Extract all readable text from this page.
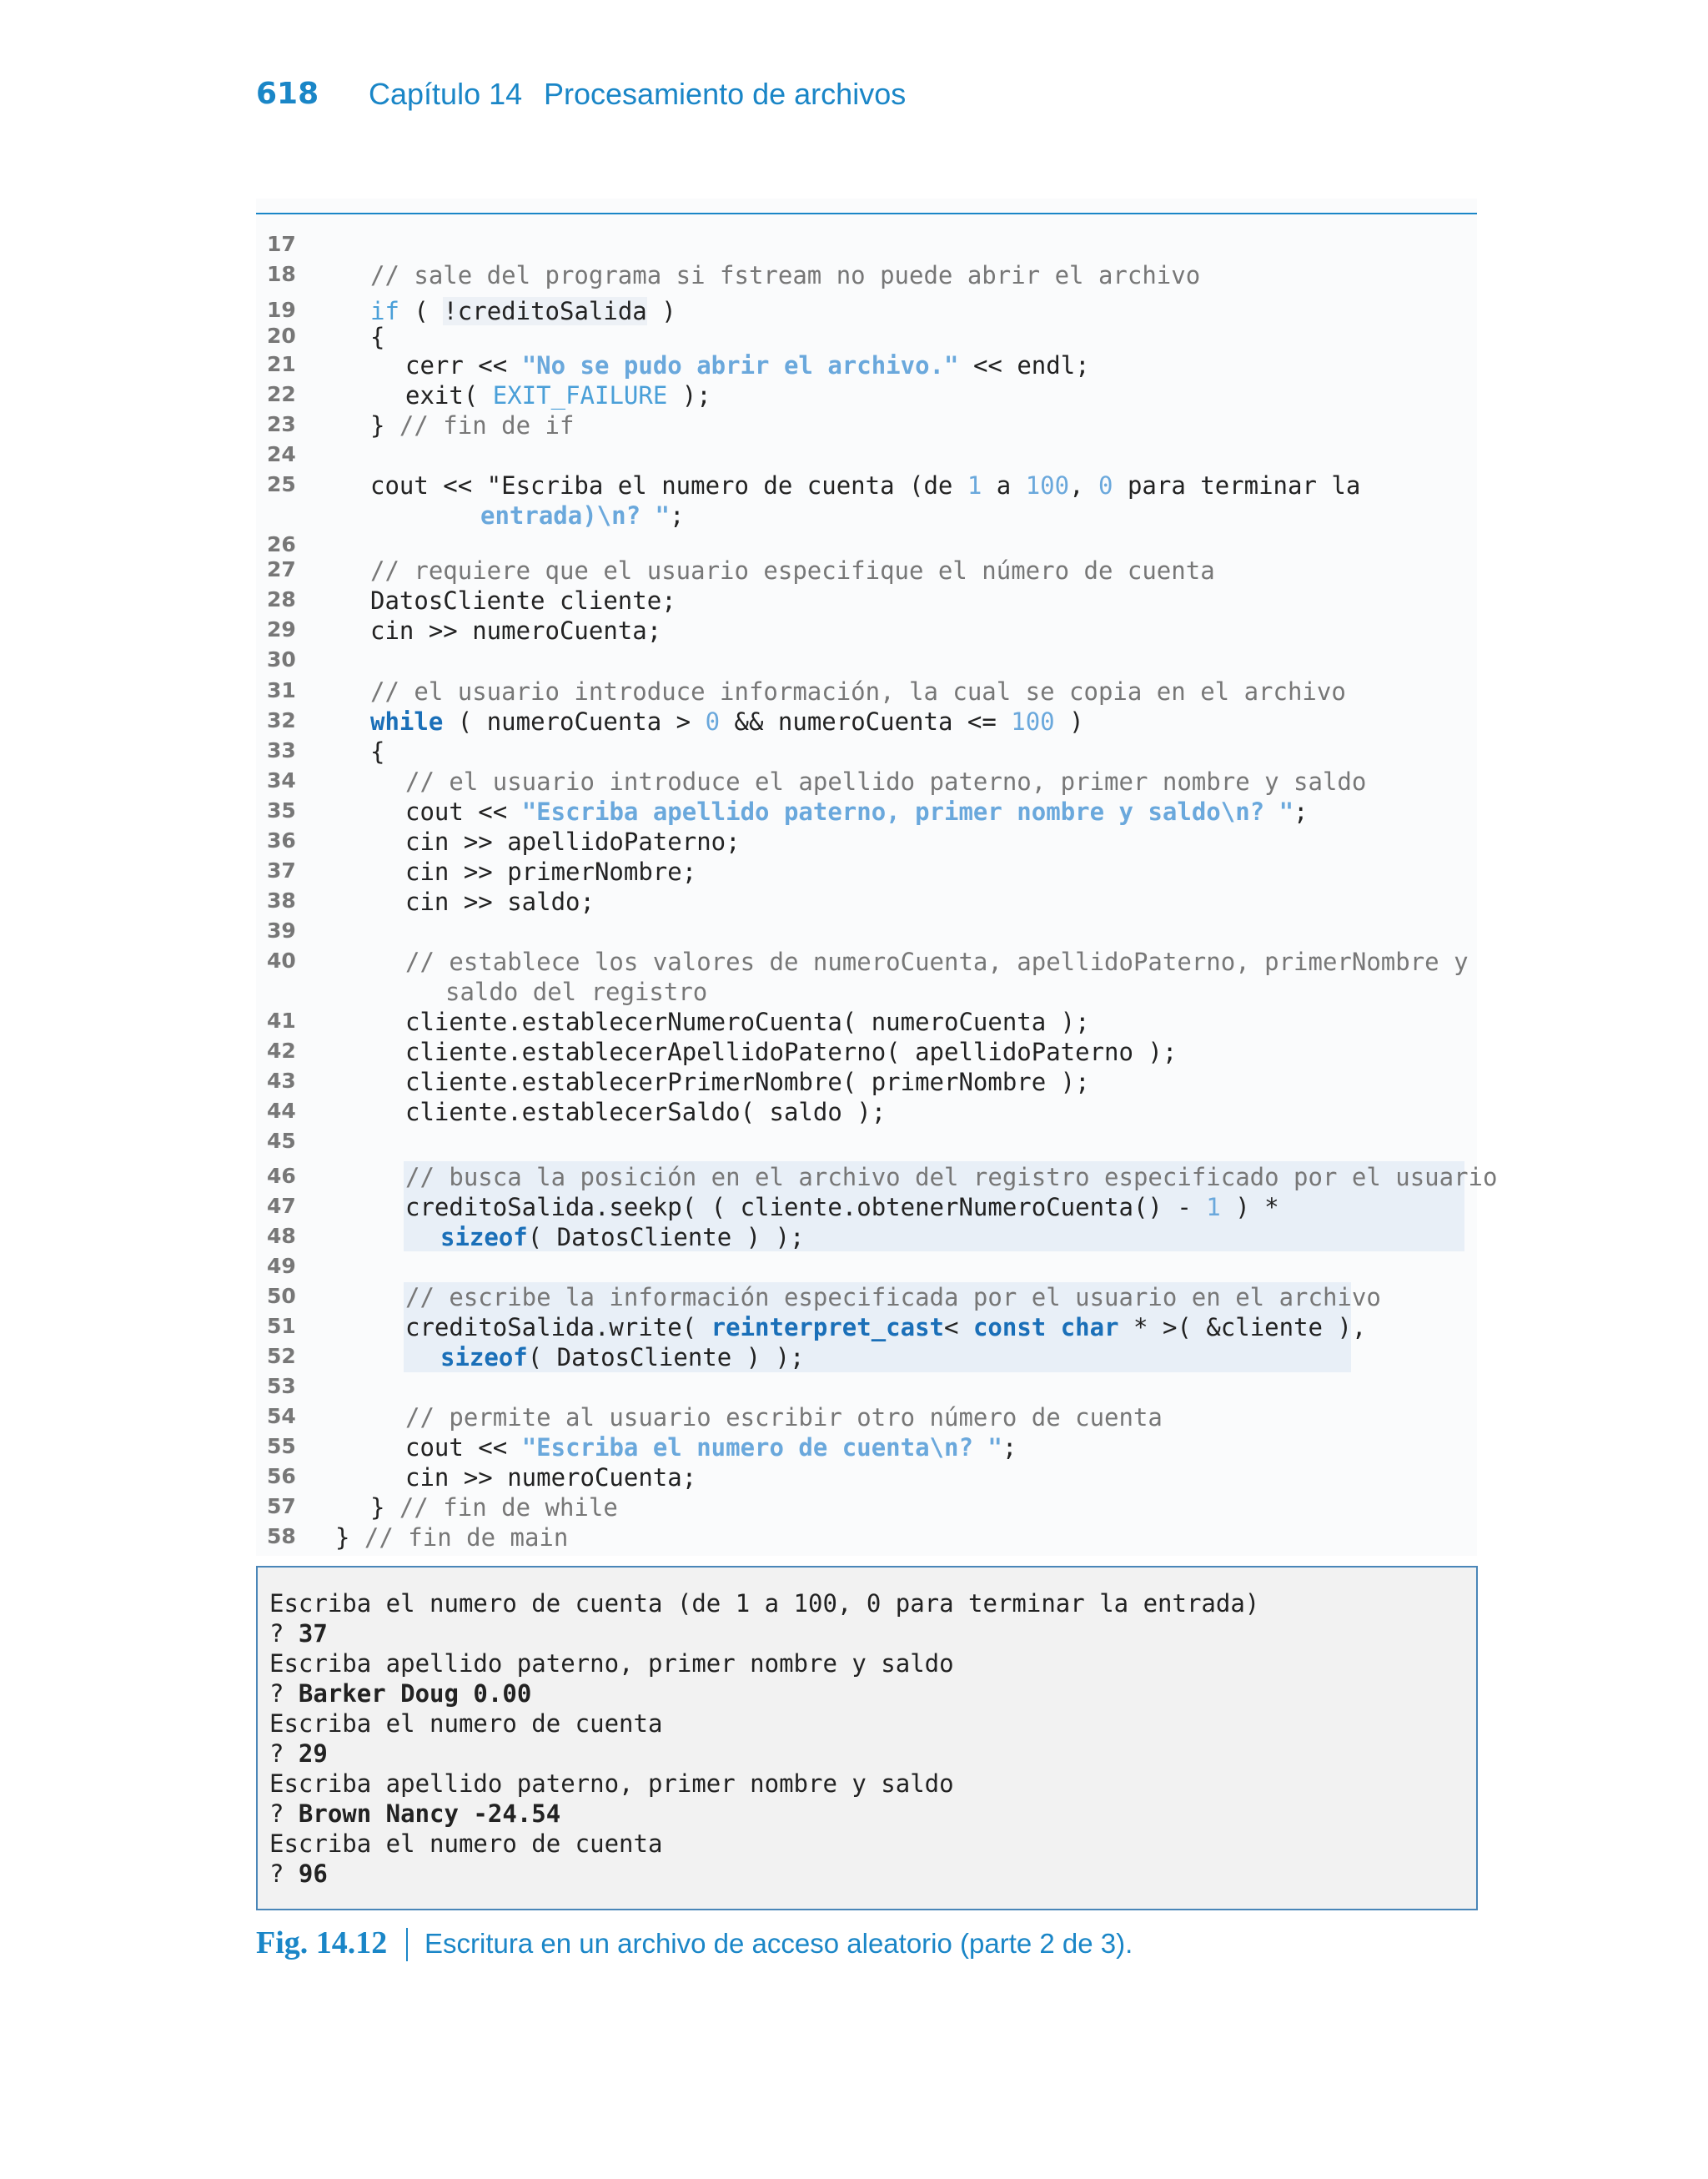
618 Capítulo 14 Procesamiento de archivos
17
18	// sale del programa si fstream no puede abrir el archivo
19	if ( !creditoSalida )
20	{
21	cerr << "No se pudo abrir el archivo." << endl;
22	exit( EXIT_FAILURE );
23	} // fin de if
24
25	cout << "Escriba el numero de cuenta (de 1 a 100, 0 para terminar la
entrada)\n? ";
26
27	// requiere que el usuario especifique el número de cuenta
28	DatosCliente cliente;
29	cin >> numeroCuenta;
30
31	// el usuario introduce información, la cual se copia en el archivo
32	while ( numeroCuenta > 0 && numeroCuenta <= 100 )
33	{
34	// el usuario introduce el apellido paterno, primer nombre y saldo
35	cout << "Escriba apellido paterno, primer nombre y saldo\n? ";
36	cin >> apellidoPaterno;
37	cin >> primerNombre;
38	cin >> saldo;
39
40	// establece los valores de numeroCuenta, apellidoPaterno, primerNombre y
saldo del registro
41	cliente.establecerNumeroCuenta( numeroCuenta );
42	cliente.establecerApellidoPaterno( apellidoPaterno );
43	cliente.establecerPrimerNombre( primerNombre );
44	cliente.establecerSaldo( saldo );
45
46	// busca la posición en el archivo del registro especificado por el usuario
47	creditoSalida.seekp( ( cliente.obtenerNumeroCuenta() - 1 ) *
48	sizeof( DatosCliente ) );
49
50	// escribe la información especificada por el usuario en el archivo
51	creditoSalida.write( reinterpret_cast< const char * >( &cliente ),
52	sizeof( DatosCliente ) );
53
54	// permite al usuario escribir otro número de cuenta
55	cout << "Escriba el numero de cuenta\n? ";
56	cin >> numeroCuenta;
57	} // fin de while
58 } // fin de main
Escriba el numero de cuenta (de 1 a 100, 0 para terminar la entrada)
? 37
Escriba apellido paterno, primer nombre y saldo
? Barker Doug 0.00
Escriba el numero de cuenta
? 29
Escriba apellido paterno, primer nombre y saldo
? Brown Nancy -24.54
Escriba el numero de cuenta
? 96
Fig. 14.12 Escritura en un archivo de acceso aleatorio (parte 2 de 3).
